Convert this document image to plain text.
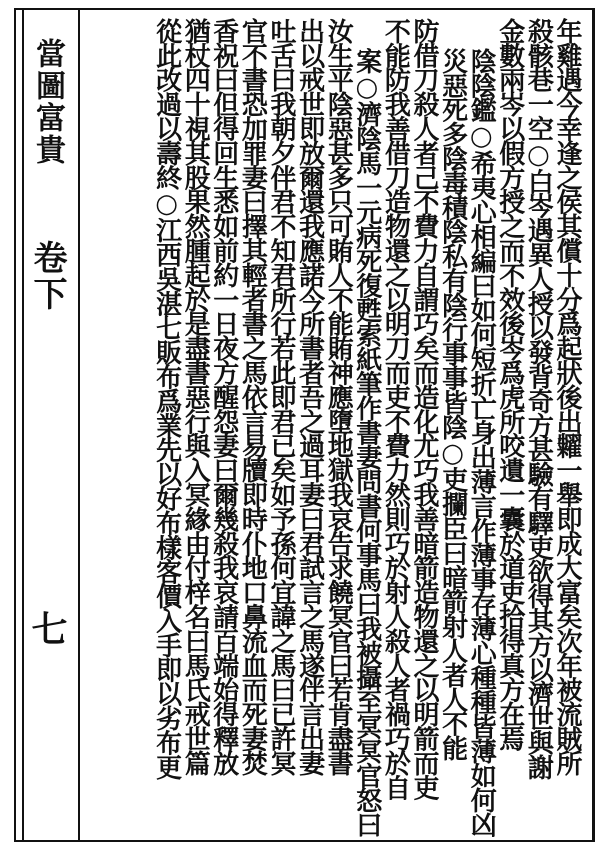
當圖富貴
卷下
七	年雞遇今幸逢之侯其償十分爲起狀後出糶一舉即成大富矣次年被流賊所
殺骸巷一空○白岑遇異人授以發背奇方甚驗有驛吏欲得其方以濟世與謝
金數兩岑以假方授之而不效後岑爲虎所咬遺一囊於道吏拾得真方在焉
陰陰鑑○希夷心相編曰如何短折亡身出薄言作薄事存薄心種種皆薄如何凶
災惡死多陰毒積陰私有陰行事事皆陰○吏攔臣曰暗箭射人者人不能
防借刀殺人者己不費力自謂巧矣而造化尤巧我善暗箭造物還之以明箭而吏
不能防我善借刀造物還之以明刀而吏不費力然則巧於射人殺人者禍巧於自
案○濟陰馬一元病死復甦索紙筆作書妻問書何事馬曰我被攝至冥冥官怒曰
汝生平陰惡甚多只可賄人不能賄神應墮地獄我哀告求饒冥官曰若肯盡書
出以戒世即放爾還我應諾今所書者吾之過耳妻曰君試言之馬遂伴言出妻
吐舌曰我朝夕伴君不知君所行若此即君已矣如予孫何宜諱之馬曰已許冥
官不書恐加罪妻曰擇其輕者書之馬依言易牘即時仆地口鼻流血而死妻焚
香祝曰但得回生悉如前約一日夜方醒怨妻曰爾幾殺我哀請百端始得釋放
猶杖四十視其股果然腫起於是盡書惡行與入冥緣由付梓名曰馬氏戒世篇
從此改過以壽終○江西吳湛七販布爲業先以好布樣客價入手即以劣布更
